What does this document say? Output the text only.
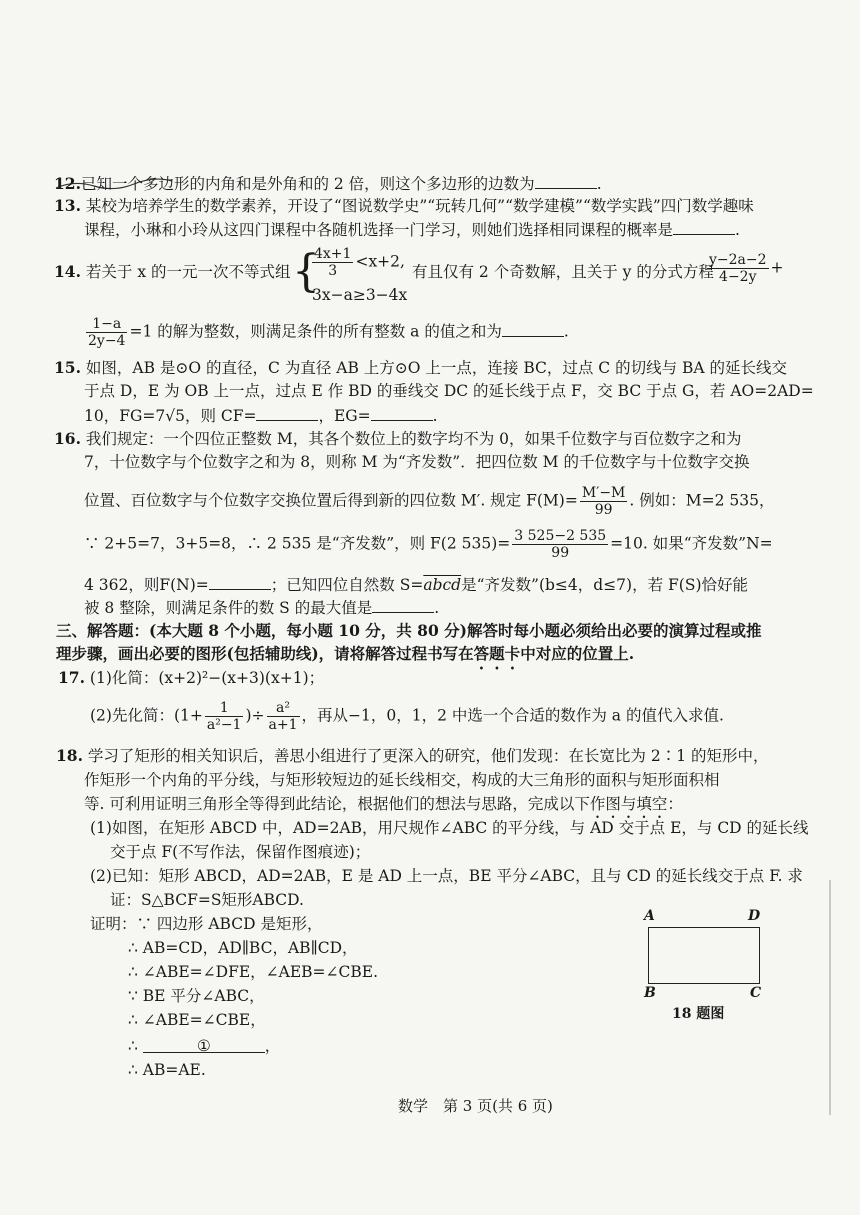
12.已知一个多边形的内角和是外角和的 2 倍，则这个多边形的边数为	.
13. 某校为培养学生的数学素养，开设了“图说数学史”“玩转几何”“数学建模”“数学实践”四门数学趣味
课程，小琳和小玲从这四门课程中各随机选择一门学习，则她们选择相同课程的概率是	.
14. 若关于 x 的一元一次不等式组 {
$\frac{4x+1}{3} <x+2$,
3x−a≥3−4x
有且仅有 2 个奇数解，且关于 y 的分式方程
$\frac{y-2a-2}{4-2y}$ +
$\frac{1-a}{2y-4} =1$ 的解为整数，则满足条件的所有整数 a 的值之和为	.
15. 如图，AB 是⊙O 的直径，C 为直径 AB 上方⊙O 上一点，连接 BC，过点 C 的切线与 BA 的延长线交
于点 D，E 为 OB 上一点，过点 E 作 BD 的垂线交 DC 的延长线于点 F，交 BC 于点 G，若 AO=2AD=
10，FG=7√5，则 CF=	，EG=	.
16. 我们规定：一个四位正整数 M，其各个数位上的数字均不为 0，如果千位数字与百位数字之和为
7，十位数字与个位数字之和为 8，则称 M 为“齐发数”．把四位数 M 的千位数字与十位数字交换
位置、百位数字与个位数字交换位置后得到新的四位数 M′. 规定 $F(M)= \frac{M'-M}{99}$ . 例如：M=2 535，
∵ 2+5=7，3+5=8，∴ 2 535 是“齐发数”，则 F(2 $535)= \frac{3 525-2 535}{99} =10$. 如果“齐发数”N=
4 362，则F(N)=	；已知四位自然数 S=abcd是“齐发数”(b≤4，d≤7)，若 F(S)恰好能
被 8 整除，则满足条件的数 S 的最大值是	.
三、解答题：(本大题 8 个小题，每小题 10 分，共 80 分)解答时每小题必须给出必要的演算过程或推
理步骤，画出必要的图形(包括辅助线)，请将解答过程书写在答题卡中对应的位置上.
17. (1)化简：(x+2)²−(x+3)(x+1)；
(2)先化简：($1+ \frac{1}{\text{a²−1}}$ )÷ $\frac{\text{a²}}{a+1}$ ，再从−1，0，1，2 中选一个合适的数作为 a 的值代入求值.
18. 学习了矩形的相关知识后，善思小组进行了更深入的研究，他们发现：在长宽比为 2∶1 的矩形中，
作矩形一个内角的平分线，与矩形较短边的延长线相交，构成的大三角形的面积与矩形面积相
等. 可利用证明三角形全等得到此结论，根据他们的想法与思路，完成以下作图与填空：
(1)如图，在矩形 ABCD 中，AD=2AB，用尺规作∠ABC 的平分线，与 AD 交于点 E，与 CD 的延长线
交于点 F(不写作法，保留作图痕迹)；
(2)已知：矩形 ABCD，AD=2AB，E 是 AD 上一点，BE 平分∠ABC，且与 CD 的延长线交于点 F. 求
证：S△BCF=S矩形ABCD.
证明：∵ 四边形 ABCD 是矩形，
∴ AB=CD，AD∥BC，AB∥CD，
∴ ∠ABE=∠DFE，∠AEB=∠CBE.
∵ BE 平分∠ABC，
∴ ∠ABE=∠CBE，
∴	①	，
∴ AB=AE.
A	D
B	C
18 题图
数学　第 3 页(共 6 页)
